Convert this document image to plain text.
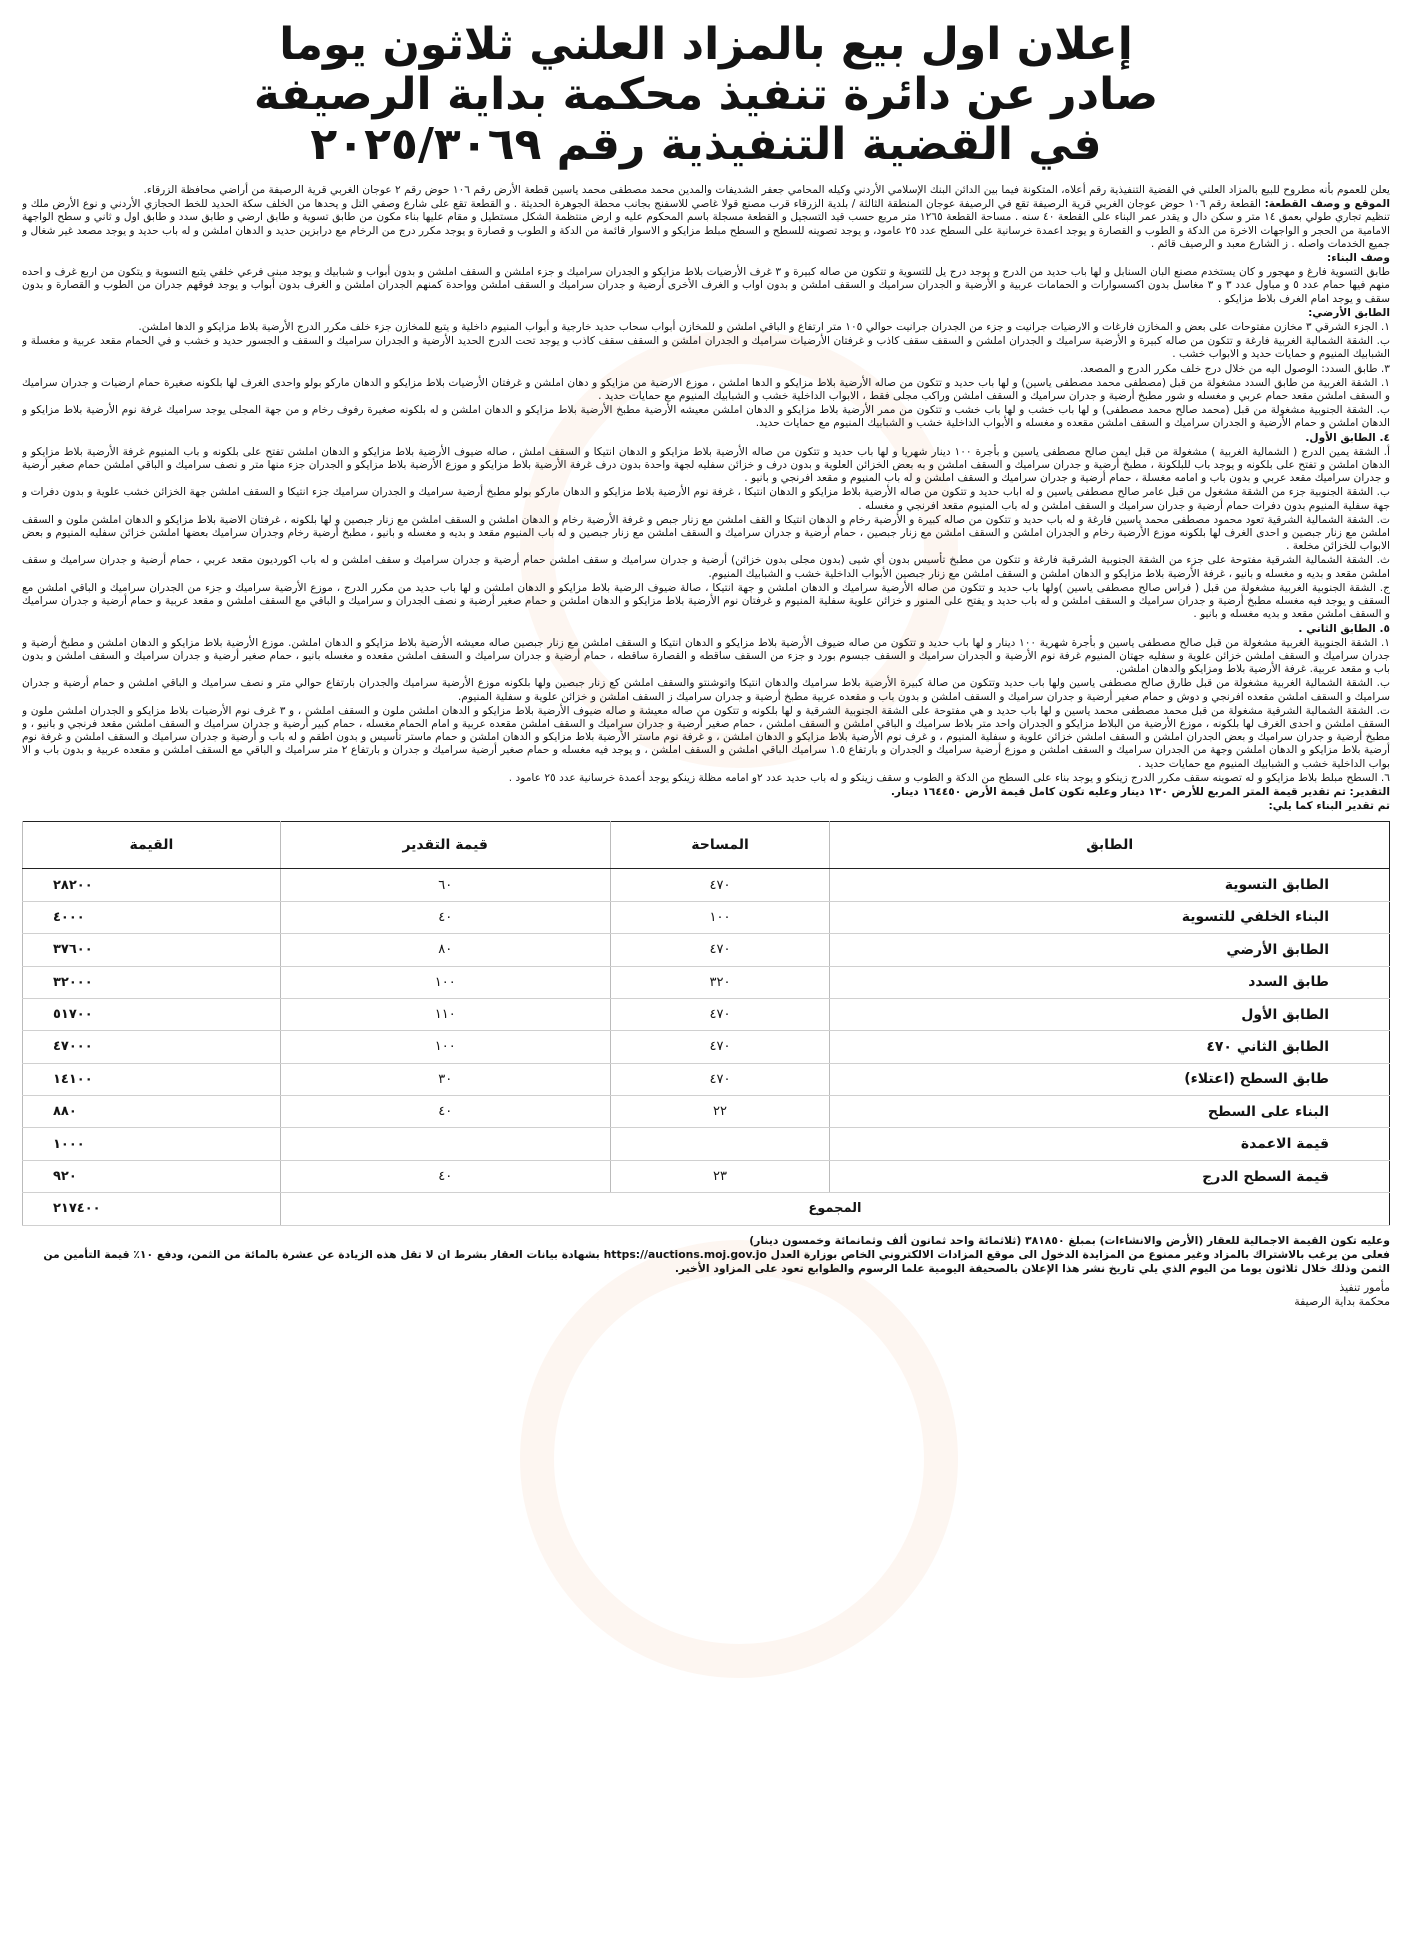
إعلان اول بيع بالمزاد العلني ثلاثون يوما
صادر عن دائرة تنفيذ محكمة بداية الرصيفة
في القضية التنفيذية رقم ٢٠٢٥/٣٠٦٩

يعلن للعموم بأنه مطروح للبيع بالمزاد العلني في القضية التنفيذية رقم أعلاه، المتكونة فيما بين الدائن البنك الإسلامي الأردني وكيله المحامي جعفر الشديفات والمدين محمد مصطفى محمد ياسين قطعة الأرض رقم ١٠٦ حوض رقم ٢ عوجان الغربي قرية الرصيفة من أراضي محافظة الزرقاء.

الموقع و وصف القطعة: القطعة رقم ١٠٦ حوض عوجان الغربي قرية الرصيفة تقع في الرصيفة عوجان المنطقة الثالثة / بلدية الزرقاء قرب مصنع قولا غاصي للاسفنج بجانب محطة الجوهرة الحديثة . و القطعة تقع على شارع وصفي التل و يحدها من الخلف سكة الحديد للخط الحجازي الأردني و نوع الأرض ملك و تنظيم تجاري طولي بعمق ١٤ متر و سكن دال و يقدر عمر البناء على القطعة ٤٠ سنه . مساحة القطعة ١٢٦٥ متر مربع حسب قيد التسجيل و القطعة مسجلة باسم المحكوم عليه و ارض منتظمة الشكل مستطيل و مقام عليها بناء مكون من طابق تسوية و طابق ارضي و طابق سدد و طابق اول و ثاني و سطح الواجهة الامامية من الحجر و الواجهات الاخرة من الدكة و الطوب و القصارة و يوجد اعمدة خرسانية على السطح عدد ٢٥ عامود، و يوجد تصوينه للسطح و السطح مبلط مزايكو و الاسوار قائمة من الدكة و الطوب و قصارة و يوجد مكرر درج من الرخام مع درابزين حديد و الدهان املشن و له باب حديد و يوجد مصعد غير شغال و جميع الخدمات واصله . ز الشارع معبد و الرصيف قائم .

وصف البناء:

طابق التسوية فارغ و مهجور و كان يستخدم مصنع البان السنابل و لها باب حديد من الدرج و يوجد درج يل للتسوية و تتكون من صاله كبيرة و ٣ غرف الأرضيات بلاط مزايكو و الجدران سراميك و جزء املشن و السقف املشن و بدون أبواب و شبابيك و يوجد مبنى فرعي خلفي يتبع التسوية و يتكون من اربع غرف و احده منهم فيها حمام عدد ٥ و مباول عدد ٣ و ٣ مغاسل بدون اكسسوارات و الحمامات عربية و الأرضية و الجدران سراميك و السقف املشن و بدون اواب و الغرف الأخرى أرضية و جدران سراميك و السقف املشن وواحدة كمنهم الجدران املشن و الغرف بدون أبواب و يوجد فوقهم جدران من الطوب و القصارة و بدون سقف و يوجد امام الغرف بلاط مزايكو .

الطابق الأرضي:

١. الجزء الشرقي ٣ مخازن مفتوحات على بعض و المخازن فارغات و الارضيات جرانيت و جزء من الجدران جرانيت حوالي ١٠٥ متر ارتفاع و الباقي املشن و للمخازن أبواب سحاب حديد خارجية و أبواب المنيوم داخلية و يتبع للمخازن جزء خلف مكرر الدرج الأرضية بلاط مزايكو و الدها املشن.

ب. الشقة الشمالية الغربية فارغة و تتكون من صاله كبيرة و الأرضية سراميك و الجدران املشن و السقف سقف كاذب و غرفتان الأرضيات سراميك و الجدران املشن و السقف سقف كاذب و يوجد تحت الدرج الحديد الأرضية و الجدران سراميك و السقف و الجسور حديد و خشب و في الحمام مقعد عربية و مغسلة و الشبابيك المنيوم و حمايات حديد و الابواب خشب .

٣. طابق السدد: الوصول اليه من خلال درج خلف مكرر الدرج و المصعد.

١. الشقة الغربية من طابق السدد مشغولة من قبل (مصطفى محمد مصطفى ياسين) و لها باب حديد و تتكون من صاله الأرضية بلاط مزايكو و الدها املشن ، موزع الارضية من مزايكو و دهان املشن و غرفتان الأرضيات بلاط مزايكو و الدهان ماركو بولو واحدى الغرف لها بلكونه صغيرة حمام ارضيات و جدران سراميك و السقف املشن مقعد حمام عربي و مغسله و شور مطبخ أرضية و جدران سراميك و السقف املشن وراكب مجلى فقط ، الابواب الداخلية خشب و الشبابيك المنيوم مع حمايات حديد .

ب. الشقة الجنوبية مشغولة من قبل (محمد صالح محمد مصطفى) و لها باب خشب و لها باب خشب و تتكون من ممر الأرضية بلاط مزايكو و الدهان املشن معيشه الأرضية مطبخ الأرضية بلاط مزايكو و الدهان املشن و له بلكونه صغيرة رفوف رخام و من جهة المجلى يوجد سراميك غرفة نوم الأرضية بلاط مزايكو و الدهان املشن و حمام الأرضية و الجدران سراميك و السقف املشن مقعده و مغسله و الأبواب الداخلية خشب و الشبابيك المنيوم مع حمايات حديد.

٤. الطابق الأول.

أ. الشقة يمين الدرج ( الشمالية الغربية ) مشغولة من قبل ايمن صالح مصطفى ياسين و بأجرة ١٠٠ دينار شهريا و لها باب حديد و تتكون من صاله الأرضية بلاط مزايكو و الدهان انتيكا و السقف املش ، صاله ضيوف الأرضية بلاط مزايكو و الدهان املشن تفتح على بلكونه و باب المنيوم غرفة الأرضية بلاط مزايكو و الدهان املشن و تفتح على بلكونه و يوجد باب للبلكونة ، مطبخ أرضية و جدران سراميك و السقف املشن و به بعض الخزائن العلوية و بدون درف و خزائن سفليه لجهة واحدة بدون درف غرفة الأرضية بلاط مزايكو و موزع الأرضية بلاط مزايكو و الجدران جزء منها متر و نصف سراميك و الباقي املشن حمام صغير أرضية و جدران سراميك مقعد عربي و بدون باب و امامه مغسلة ، حمام أرضية و جدران سراميك و السقف املشن و له باب المنيوم و مقعد افرنجي و بانيو .

ب. الشقة الجنوبية جزء من الشقة مشغول من قبل عامر صالح مصطفى ياسين و له اباب حديد و تتكون من صاله الأرضية بلاط مزايكو و الدهان انتيكا ، غرفة نوم الأرضية بلاط مزايكو و الدهان ماركو بولو مطبخ أرضية سراميك و الجدران سراميك جزء انتيكا و السقف املشن جهة الخزائن خشب علوية و بدون دفرات و جهة سفلية المنيوم بدون دفرات حمام أرضية و جدران سراميك و السقف املشن و له باب المنيوم مقعد افرنجي و مغسله .

ت. الشقة الشمالية الشرقية تعود محمود مصطفى محمد ياسين فارغة و له باب حديد و تتكون من صاله كبيرة و الأرضية رخام و الدهان انتيكا و القف املشن مع زنار جبص و غرفة الأرضية رخام و الدهان املشن و السقف املشن مع زنار جبصين و لها بلكونه ، غرفتان الاضية بلاط مزايكو و الدهان املشن ملون و السقف املشن مع زنار جبصين و احدى الغرف لها بلكونه موزع الأرضية رخام و الجدران املشن و السقف املشن مع زنار جبصين ، حمام أرضية و جدران سراميك و السقف املشن مع زنار جبصين و له باب المنيوم مقعد و بديه و مغسله و بانيو ، مطبخ أرضية رخام وجدران سراميك بعضها املشن خزائن سفليه المنيوم و بعض الابواب للخزائن مخلعة .

ث. الشقة الشمالية الشرقية مفتوحة على جزء من الشقة الجنوبية الشرقية فارغة و تتكون من مطبخ تأسيس بدون أي شيى (بدون مجلى بدون خزائن) أرضية و جدران سراميك و سقف املشن حمام أرضية و جدران سراميك و سقف املشن و له باب اكورديون مقعد عربي ، حمام أرضية و جدران سراميك و سقف املشن مقعد و بديه و مغسله و بانيو ، غرفة الأرضية بلاط مزايكو و الدهان املشن و السقف املشن مع زنار جبصين الأبواب الداخلية خشب و الشبابيك المنيوم.

ج. الشقة الجنوبية الغربية مشغولة من قبل ( فراس صالح مصطفى ياسين )ولها باب حديد و تتكون من صاله الأرضية سراميك و الدهان املشن و جهة انتيكا ، صالة ضيوف الرضية بلاط مزايكو و الدهان املشن و لها باب حديد من مكرر الدرج ، موزع الأرضية سراميك و جزء من الجدران سراميك و الباقي املشن مع السقف و يوجد فيه مغسله مطبخ أرضية و جدران سراميك و السقف املشن و له باب حديد و يفتح على المنور و خزائن علوية سفلية المنيوم و غرفتان نوم الأرضية بلاط مزايكو و الدهان املشن و حمام صغير أرضية و نصف الجدران و سراميك و الباقي مع السقف املشن و مقعد عربية و حمام أرضية و جدران سراميك و السقف املشن مقعد و بديه مغسله و بانيو .

٥. الطابق الثاني .

١. الشقة الجنوبية الغربية مشغولة من قبل صالح مصطفى ياسين و بأجرة شهرية ١٠٠ دينار و لها باب حديد و تتكون من صاله ضيوف الأرضية بلاط مزايكو و الدهان انتيكا و السقف املشن مع زنار جبصين صاله معيشه الأرضية بلاط مزايكو و الدهان املشن. موزع الأرضية بلاط مزايكو و الدهان املشن و مطبخ أرضية و جدران سراميك و السقف املشن خزائن علوية و سفليه جهتان المنيوم غرفة نوم الأرضية و الجدران سراميك و السقف جبسوم بورد و جزء من السقف ساقطه و القصارة ساقطه ، حمام أرضية و جدران سراميك و السقف املشن مقعده و مغسله بانيو ، حمام صغير أرضية و جدران سراميك و السقف املشن و بدون باب و مقعد عربية. غرفة الأرضية بلاط ومزايكو والدهان املشن.

ب. الشقة الشمالية الغربية مشغولة من قبل طارق صالح مصطفى ياسين ولها باب حديد وتتكون من صالة كبيرة الأرضية بلاط سراميك والدهان انتيكا واتوشنتو والسقف املشن كع زنار جبصين ولها بلكونه موزع الأرضية سراميك والجدران بارتفاع حوالي متر و نصف سراميك و الباقي املشن و حمام أرضية و جدران سراميك و السقف املشن مقعده افرنجي و دوش و حمام صغير أرضية و جدران سراميك و السقف املشن و بدون باب و مقعده عربية مطبخ أرضية و جدران سراميك ز السقف املشن و خزائن علوية و سفلية المنيوم.

ت. الشقة الشمالية الشرقية مشغولة من قبل محمد مصطفى محمد ياسين و لها باب حديد و هي مفتوحة على الشقة الجنوبية الشرقية و لها بلكونه و تتكون من صاله معيشة و صاله ضيوف الأرضية بلاط مزايكو و الدهان املشن ملون و السقف املشن ، و ٣ غرف نوم الأرضيات بلاط مزايكو و الجدران املشن ملون و السقف املشن و احدى الغرف لها بلكونه ، موزع الأرضية من البلاط مزايكو و الجدران واحد متر بلاط سراميك و الباقي املشن و السقف املشن ، حمام صغير أرضية و جدران سراميك و السقف املشن مقعده عربية و امام الحمام مغسله ، حمام كبير أرضية و جدران سراميك و السقف املشن مقعد فرنجي و بانيو ، و مطبخ أرضية و جدران سراميك و بعض الجدران املشن و السقف املشن خزائن علوية و سفلية المنيوم ، و غرف نوم الأرضية بلاط مزايكو و الدهان املشن ، و غرفة نوم ماستر الأرضية بلاط مزايكو و الدهان املشن و حمام ماستر تأسيس و بدون اطقم و له باب و أرضية و جدران سراميك و السقف املشن و غرفة نوم أرضية بلاط مزايكو و الدهان املشن وجهة من الجدران سراميك و السقف املشن و موزع أرضية سراميك و الجدران و بارتفاع ١.٥ سراميك الباقي املشن و السقف املشن ، و يوجد فيه مغسله و حمام صغير أرضية سراميك و جدران و بارتفاع ٢ متر سراميك و الباقي مع السقف املشن و مقعده عربية و بدون باب و الا بواب الداخلية خشب و الشبابيك المنيوم مع حمايات حديد .

٦. السطح مبلط بلاط مزايكو و له تصوينه سقف مكرر الدرج زينكو و يوجد بناء على السطح من الدكة و الطوب و سقف زينكو و له باب حديد عدد ٢و امامه مظلة زينكو يوجد أعمدة خرسانية عدد ٢٥ عامود .

التقدير: تم تقدير قيمة المتر المربع للأرض ١٣٠ دينار وعليه تكون كامل قيمة الأرض ١٦٤٤٥٠ دينار.

تم تقدير البناء كما يلي:

الطابق	المساحة	قيمة التقدير	القيمة
الطابق التسوية	٤٧٠	٦٠	٢٨٢٠٠
البناء الخلفي للتسوية	١٠٠	٤٠	٤٠٠٠
الطابق الأرضي	٤٧٠	٨٠	٣٧٦٠٠
طابق السدد	٣٢٠	١٠٠	٣٢٠٠٠
الطابق الأول	٤٧٠	١١٠	٥١٧٠٠
الطابق الثاني ٤٧٠	٤٧٠	١٠٠	٤٧٠٠٠
طابق السطح (اعتلاء)	٤٧٠	٣٠	١٤١٠٠
البناء على السطح	٢٢	٤٠	٨٨٠
قيمة الاعمدة			١٠٠٠
قيمة السطح الدرج	٢٣	٤٠	٩٢٠
المجموع			٢١٧٤٠٠

وعليه تكون القيمة الاجمالية للعقار (الأرض والانشاءات) بمبلغ ٣٨١٨٥٠ (ثلاثمائة واحد ثمانون ألف وثمانمائة وخمسون دينار)

فعلى من يرغب بالاشتراك بالمزاد وغير ممنوع من المزايدة الدخول الى موقع المزادات الالكتروني الخاص بوزارة العدل https://auctions.moj.gov.jo بشهادة بيانات العقار بشرط ان لا تقل هذه الزيادة عن عشرة بالمائة من الثمن، ودفع ١٠٪ قيمة التأمين من الثمن وذلك خلال ثلاثون يوما من اليوم الذي يلي تاريخ نشر هذا الإعلان بالصحيفة اليومية علما الرسوم والطوابع تعود على المزاود الأخير.

مأمور تنفيذ
محكمة بداية الرصيفة
